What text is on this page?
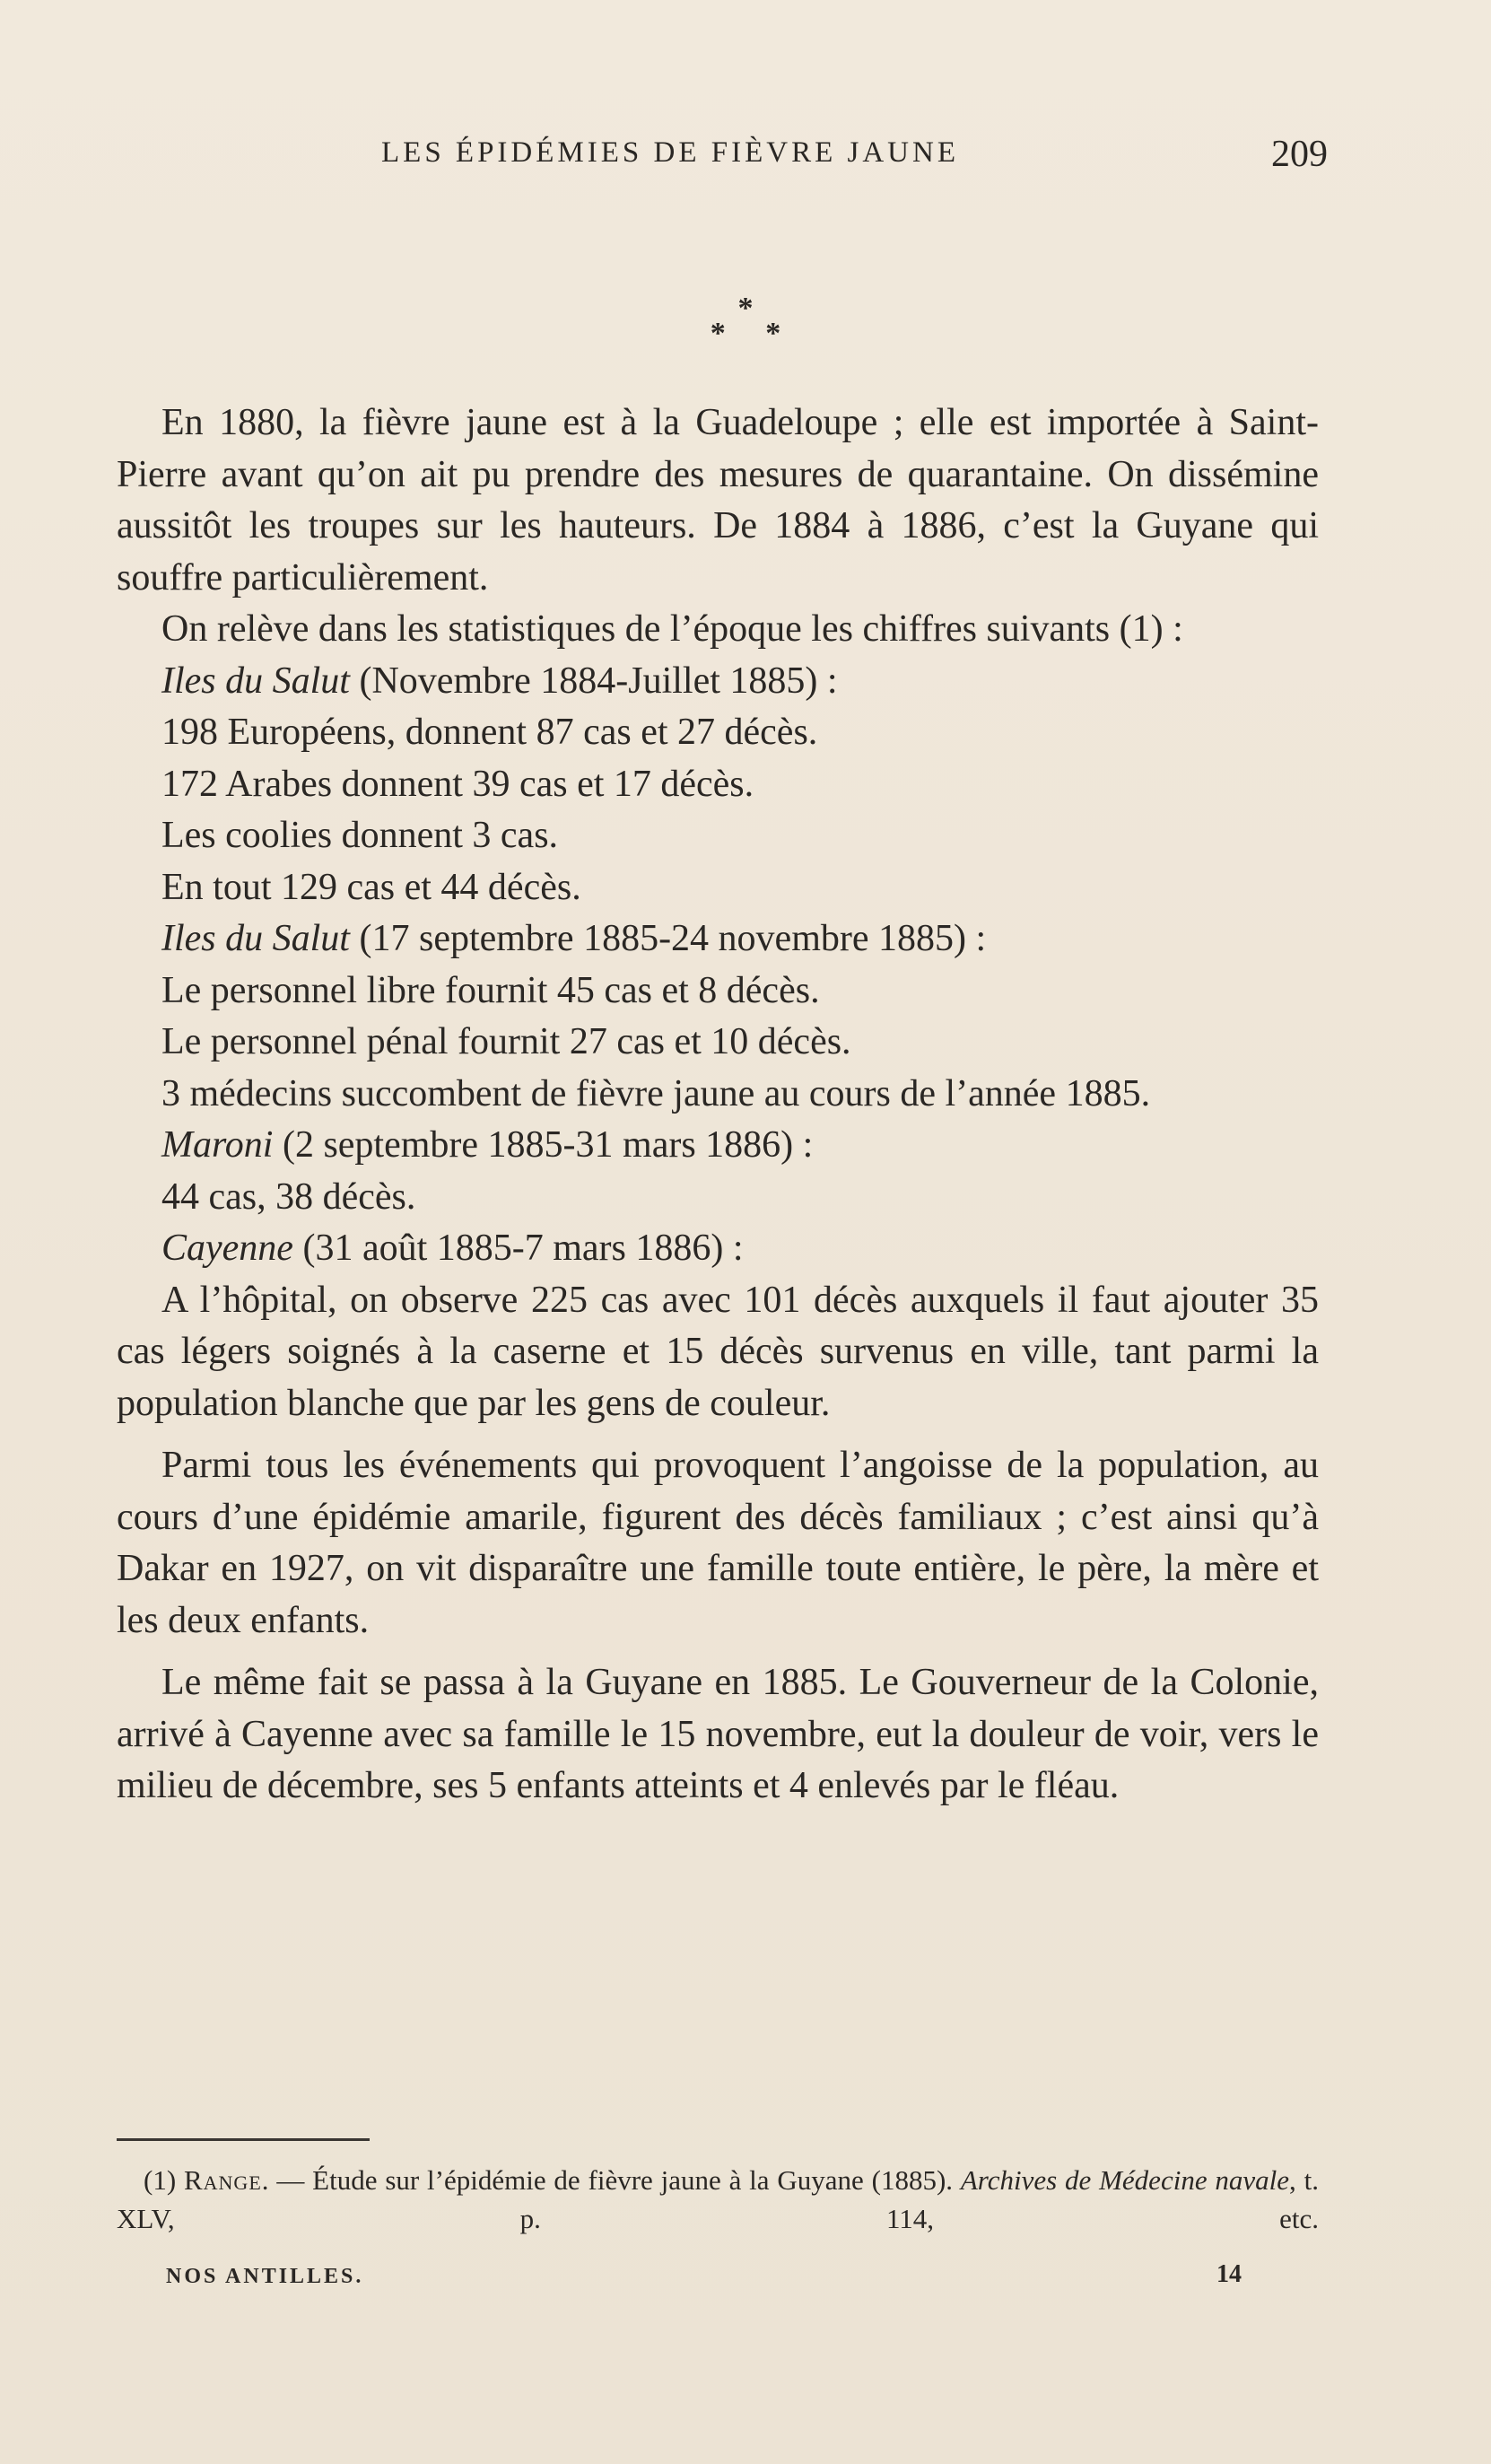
LES ÉPIDÉMIES DE FIÈVRE JAUNE	209
*
* *

En 1880, la fièvre jaune est à la Guadeloupe ; elle est importée à Saint-Pierre avant qu’on ait pu prendre des mesures de quarantaine. On dissémine aussitôt les troupes sur les hauteurs. De 1884 à 1886, c’est la Guyane qui souffre particulièrement.

On relève dans les statistiques de l’époque les chiffres suivants (1) :

Iles du Salut (Novembre 1884-Juillet 1885) :

198 Européens, donnent 87 cas et 27 décès.

172 Arabes donnent 39 cas et 17 décès.

Les coolies donnent 3 cas.

En tout 129 cas et 44 décès.

Iles du Salut (17 septembre 1885-24 novembre 1885) :

Le personnel libre fournit 45 cas et 8 décès.

Le personnel pénal fournit 27 cas et 10 décès.

3 médecins succombent de fièvre jaune au cours de l’année 1885.

Maroni (2 septembre 1885-31 mars 1886) :

44 cas, 38 décès.

Cayenne (31 août 1885-7 mars 1886) :

A l’hôpital, on observe 225 cas avec 101 décès auxquels il faut ajouter 35 cas légers soignés à la caserne et 15 décès survenus en ville, tant parmi la population blanche que par les gens de couleur.

Parmi tous les événements qui provoquent l’angoisse de la population, au cours d’une épidémie amarile, figurent des décès familiaux ; c’est ainsi qu’à Dakar en 1927, on vit disparaître une famille toute entière, le père, la mère et les deux enfants.

Le même fait se passa à la Guyane en 1885. Le Gouverneur de la Colonie, arrivé à Cayenne avec sa famille le 15 novembre, eut la douleur de voir, vers le milieu de décembre, ses 5 enfants atteints et 4 enlevés par le fléau.

(1) Range. — Étude sur l’épidémie de fièvre jaune à la Guyane (1885). Archives de Médecine navale, t. XLV, p. 114, etc.

NOS ANTILLES.	14
